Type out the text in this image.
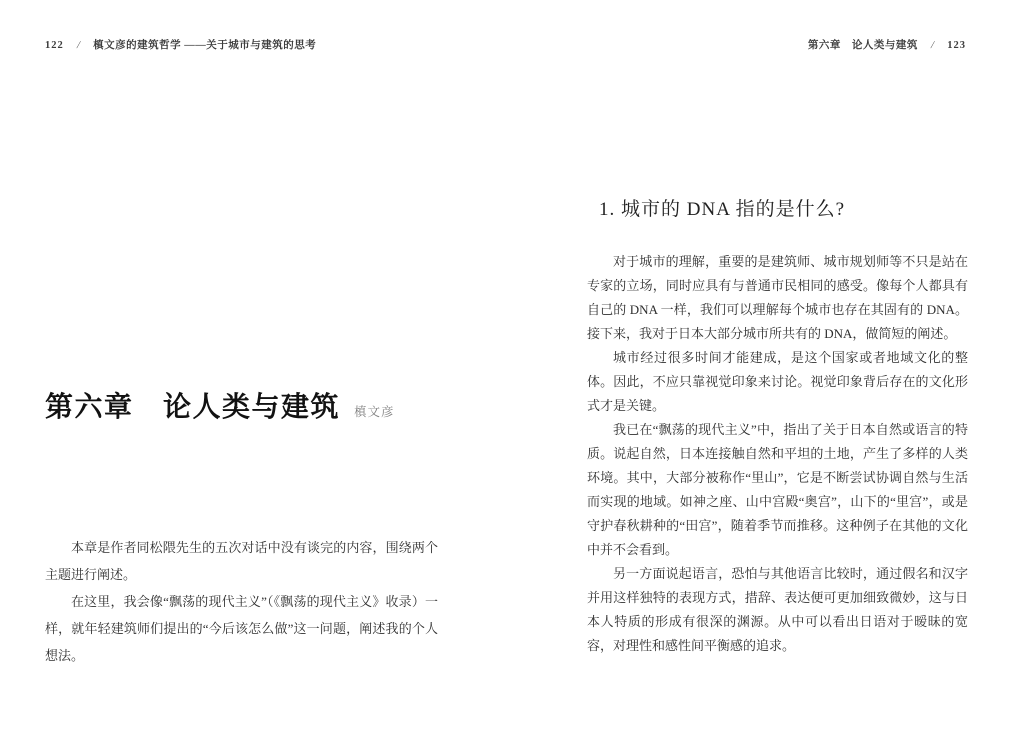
122 / 槙文彦的建筑哲学 ——关于城市与建筑的思考
第六章　论人类与建筑 槙文彦

本章是作者同松隈先生的五次对话中没有谈完的内容，围绕两个主题进行阐述。

在这里，我会像“飘荡的现代主义”（《飘荡的现代主义》收录）一样，就年轻建筑师们提出的“今后该怎么做”这一问题，阐述我的个人想法。

第六章　论人类与建筑 / 123
1. 城市的 DNA 指的是什么?

对于城市的理解，重要的是建筑师、城市规划师等不只是站在专家的立场，同时应具有与普通市民相同的感受。像每个人都具有自己的 DNA 一样，我们可以理解每个城市也存在其固有的 DNA。接下来，我对于日本大部分城市所共有的 DNA，做简短的阐述。

城市经过很多时间才能建成，是这个国家或者地域文化的整体。因此，不应只靠视觉印象来讨论。视觉印象背后存在的文化形式才是关键。

我已在“飘荡的现代主义”中，指出了关于日本自然或语言的特质。说起自然，日本连接触自然和平坦的土地，产生了多样的人类环境。其中，大部分被称作“里山”，它是不断尝试协调自然与生活而实现的地域。如神之座、山中宫殿“奥宫”，山下的“里宫”，或是守护春秋耕种的“田宫”，随着季节而推移。这种例子在其他的文化中并不会看到。

另一方面说起语言，恐怕与其他语言比较时，通过假名和汉字并用这样独特的表现方式，措辞、表达便可更加细致微妙，这与日本人特质的形成有很深的渊源。从中可以看出日语对于暧昧的宽容，对理性和感性间平衡感的追求。
